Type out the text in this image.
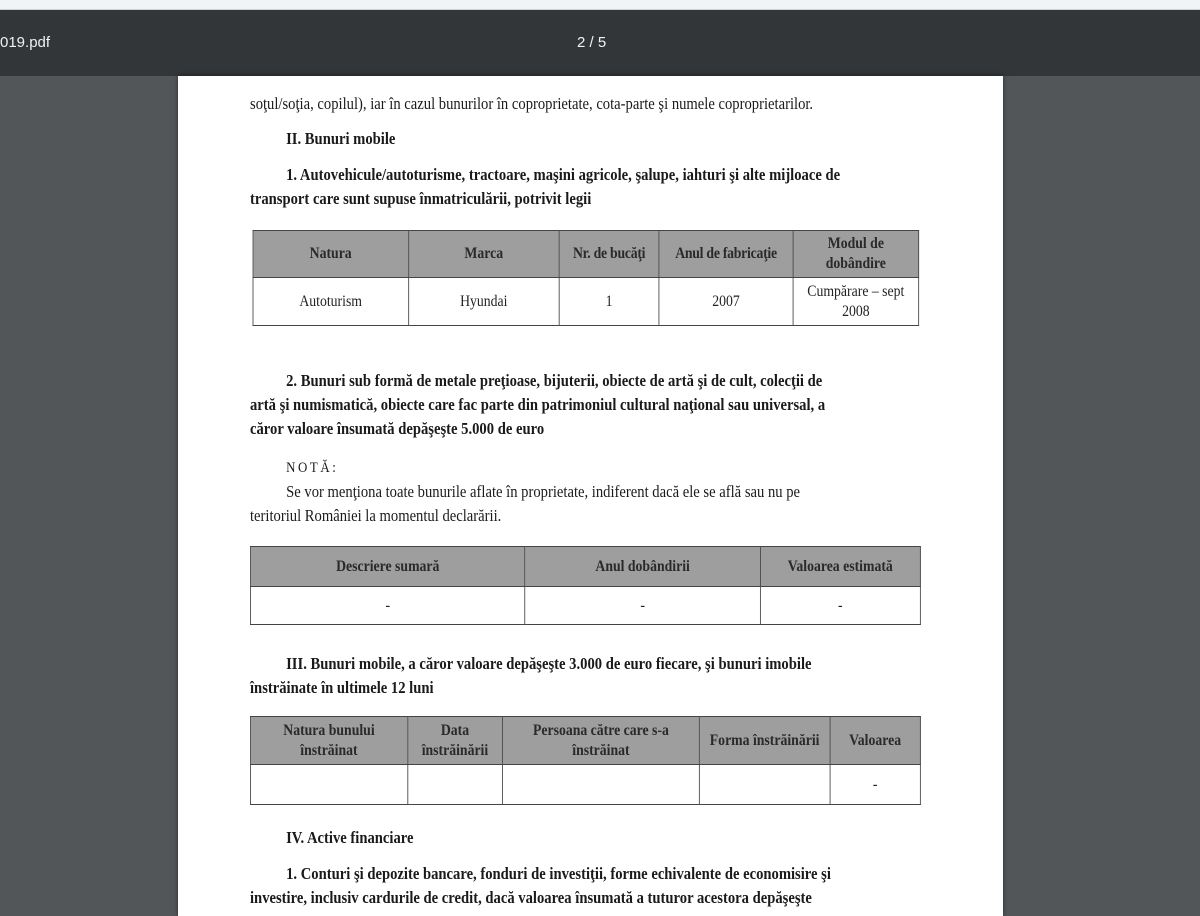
019.pdf	2 / 5

soţul/soţia, copilul), iar în cazul bunurilor în coproprietate, cota-parte şi numele coproprietarilor.

II. Bunuri mobile

1. Autovehicule/autoturisme, tractoare, maşini agricole, şalupe, iahturi şi alte mijloace de

transport care sunt supuse înmatriculării, potrivit legii

Natura	Marca	Nr. de bucăţi	Anul de fabricaţie	Modul de dobândire
Autoturism	Hyundai	1	2007	Cumpărare – sept 2008

2. Bunuri sub formă de metale preţioase, bijuterii, obiecte de artă şi de cult, colecţii de

artă şi numismatică, obiecte care fac parte din patrimoniul cultural naţional sau universal, a

căror valoare însumată depăşeşte 5.000 de euro

NOTĂ:

Se vor menţiona toate bunurile aflate în proprietate, indiferent dacă ele se află sau nu pe

teritoriul României la momentul declarării.

Descriere sumară	Anul dobândirii	Valoarea estimată
-	-	-

III. Bunuri mobile, a căror valoare depăşeşte 3.000 de euro fiecare, şi bunuri imobile

înstrăinate în ultimele 12 luni

Natura bunului înstrăinat	Data înstrăinării	Persoana către care s-a înstrăinat	Forma înstrăinării	Valoarea
				-

IV. Active financiare

1. Conturi şi depozite bancare, fonduri de investiţii, forme echivalente de economisire şi

investire, inclusiv cardurile de credit, dacă valoarea însumată a tuturor acestora depăşeşte
